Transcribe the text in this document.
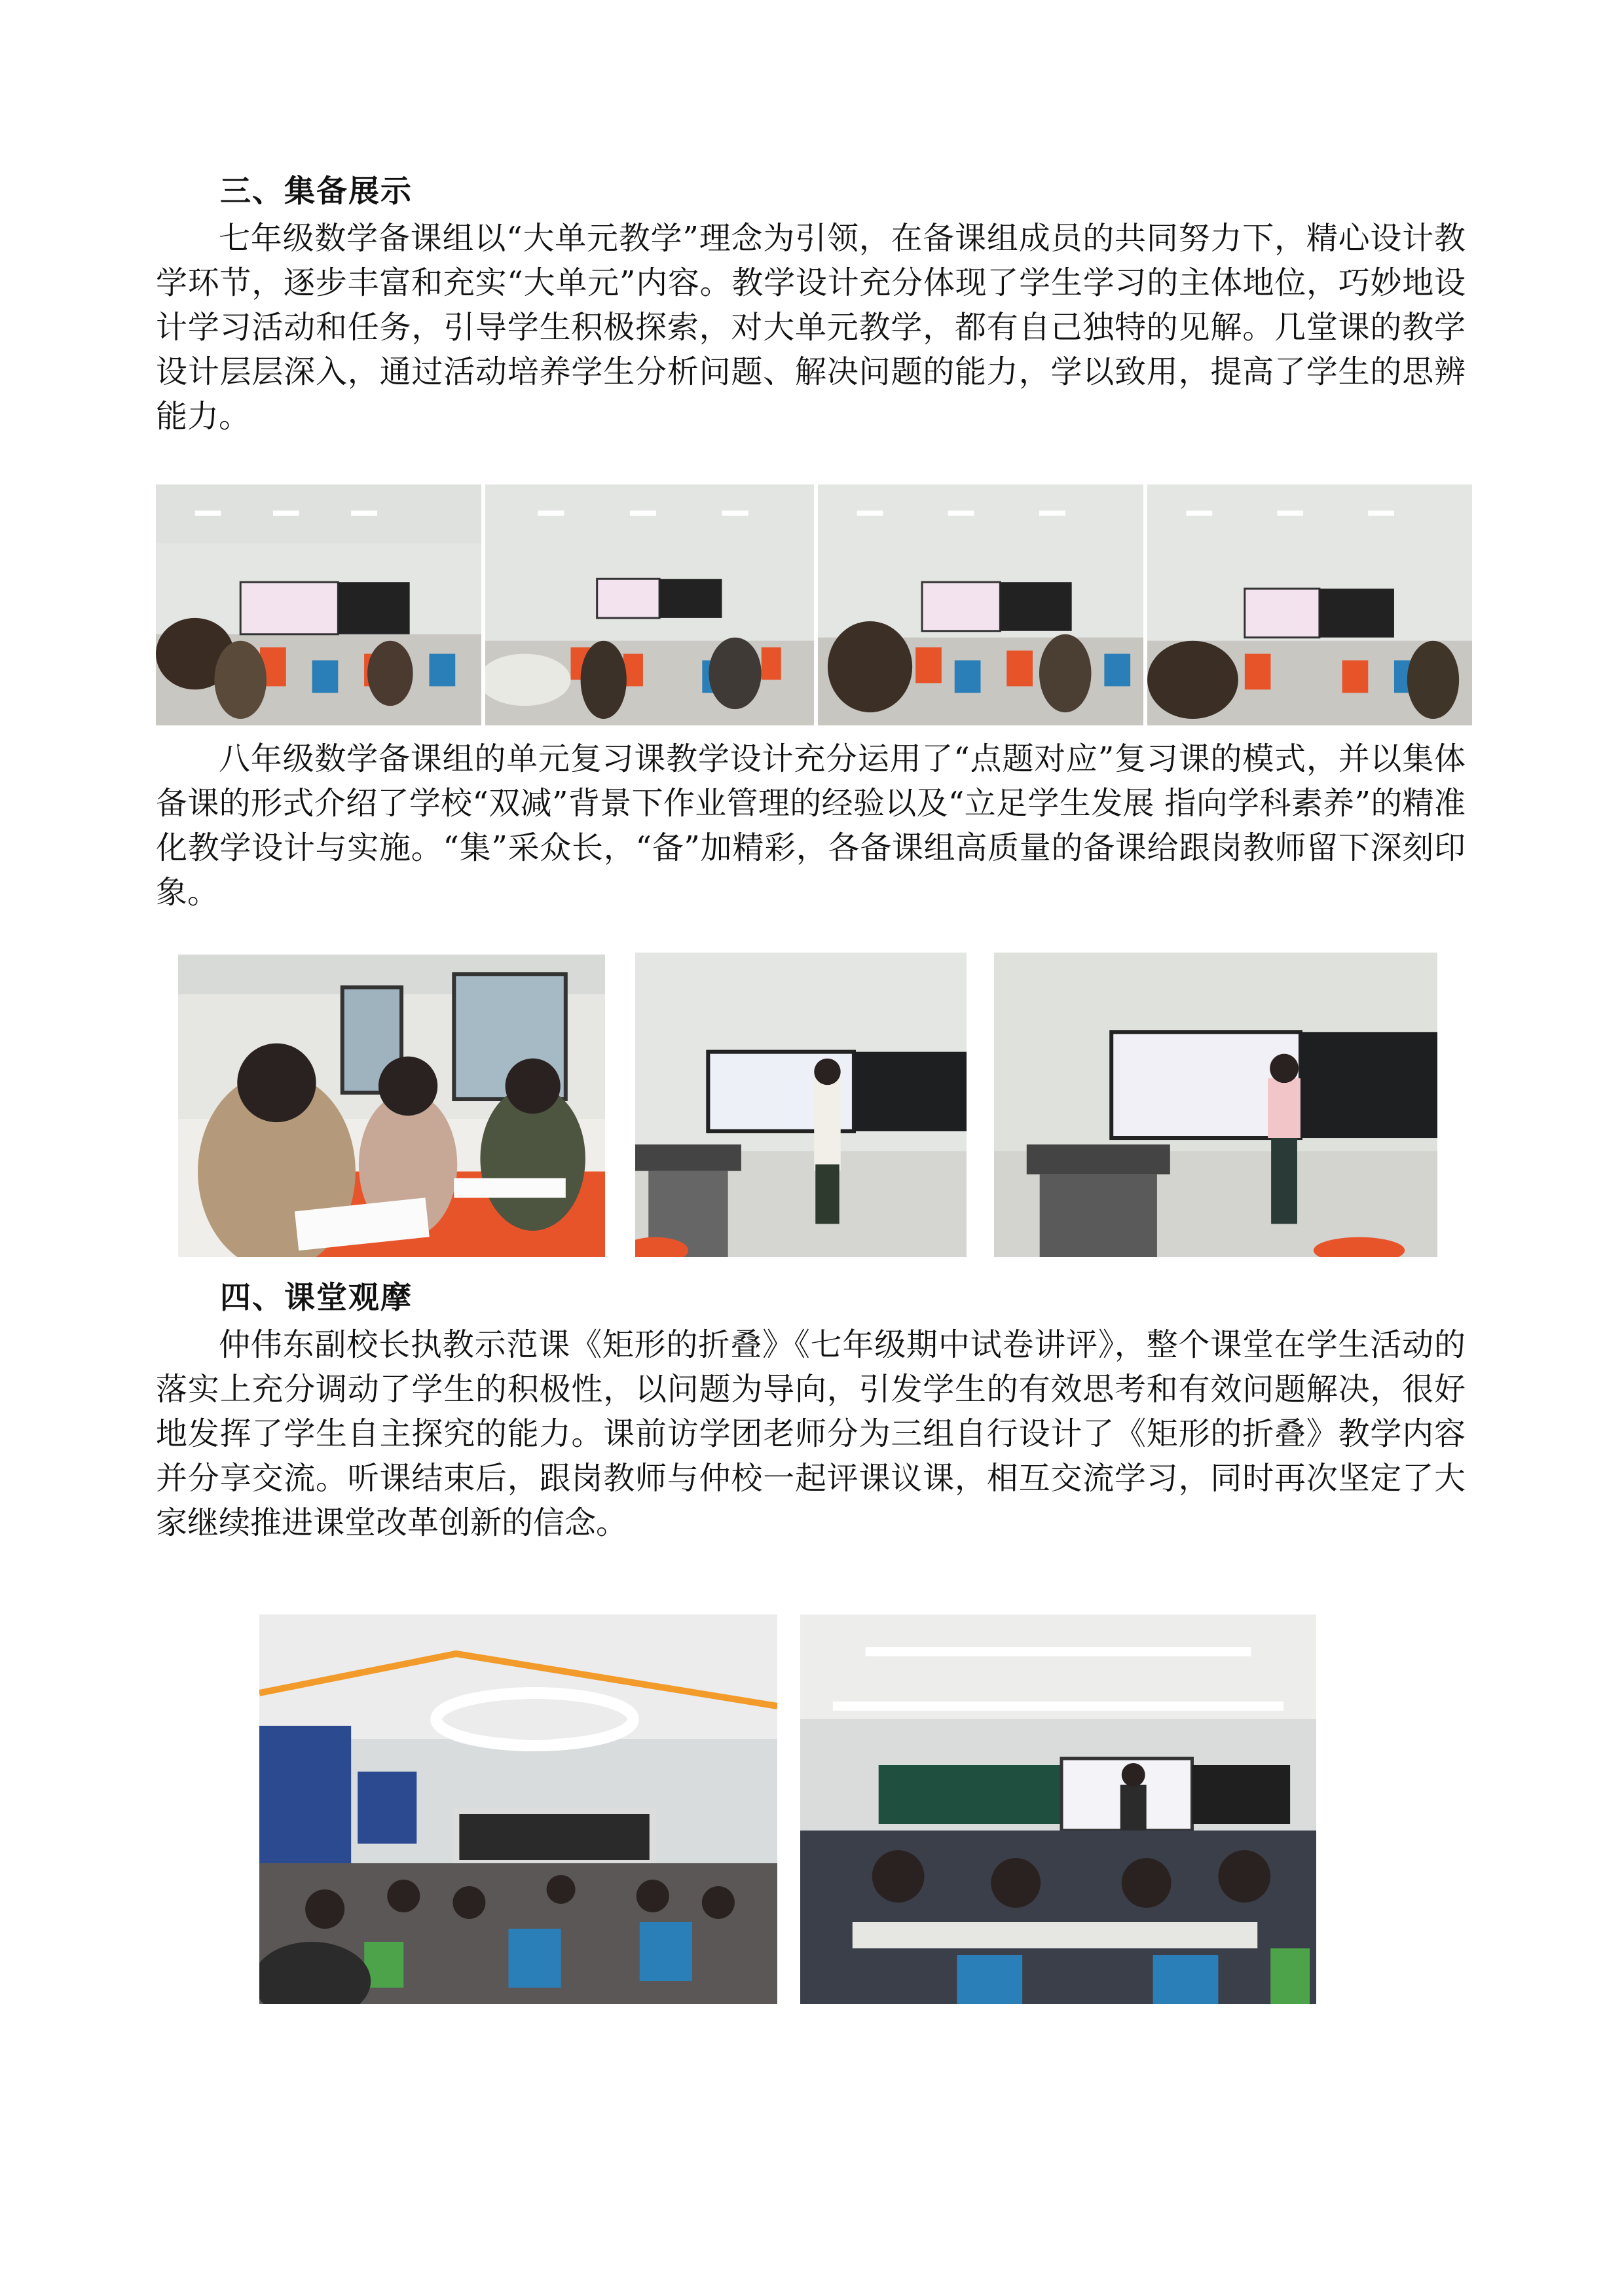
三、集备展示

七年级数学备课组以“大单元教学”理念为引领，在备课组成员的共同努力下，精心设计教学环节，逐步丰富和充实“大单元”内容。教学设计充分体现了学生学习的主体地位，巧妙地设计学习活动和任务，引导学生积极探索，对大单元教学，都有自己独特的见解。几堂课的教学设计层层深入，通过活动培养学生分析问题、解决问题的能力，学以致用，提高了学生的思辨能力。

八年级数学备课组的单元复习课教学设计充分运用了“点题对应”复习课的模式，并以集体备课的形式介绍了学校“双减”背景下作业管理的经验以及“立足学生发展 指向学科素养”的精准化教学设计与实施。“集”采众长，“备”加精彩，各备课组高质量的备课给跟岗教师留下深刻印象。

四、课堂观摩

仲伟东副校长执教示范课《矩形的折叠》《七年级期中试卷讲评》，整个课堂在学生活动的落实上充分调动了学生的积极性，以问题为导向，引发学生的有效思考和有效问题解决，很好地发挥了学生自主探究的能力。课前访学团老师分为三组自行设计了《矩形的折叠》教学内容并分享交流。听课结束后，跟岗教师与仲校一起评课议课，相互交流学习，同时再次坚定了大家继续推进课堂改革创新的信念。
